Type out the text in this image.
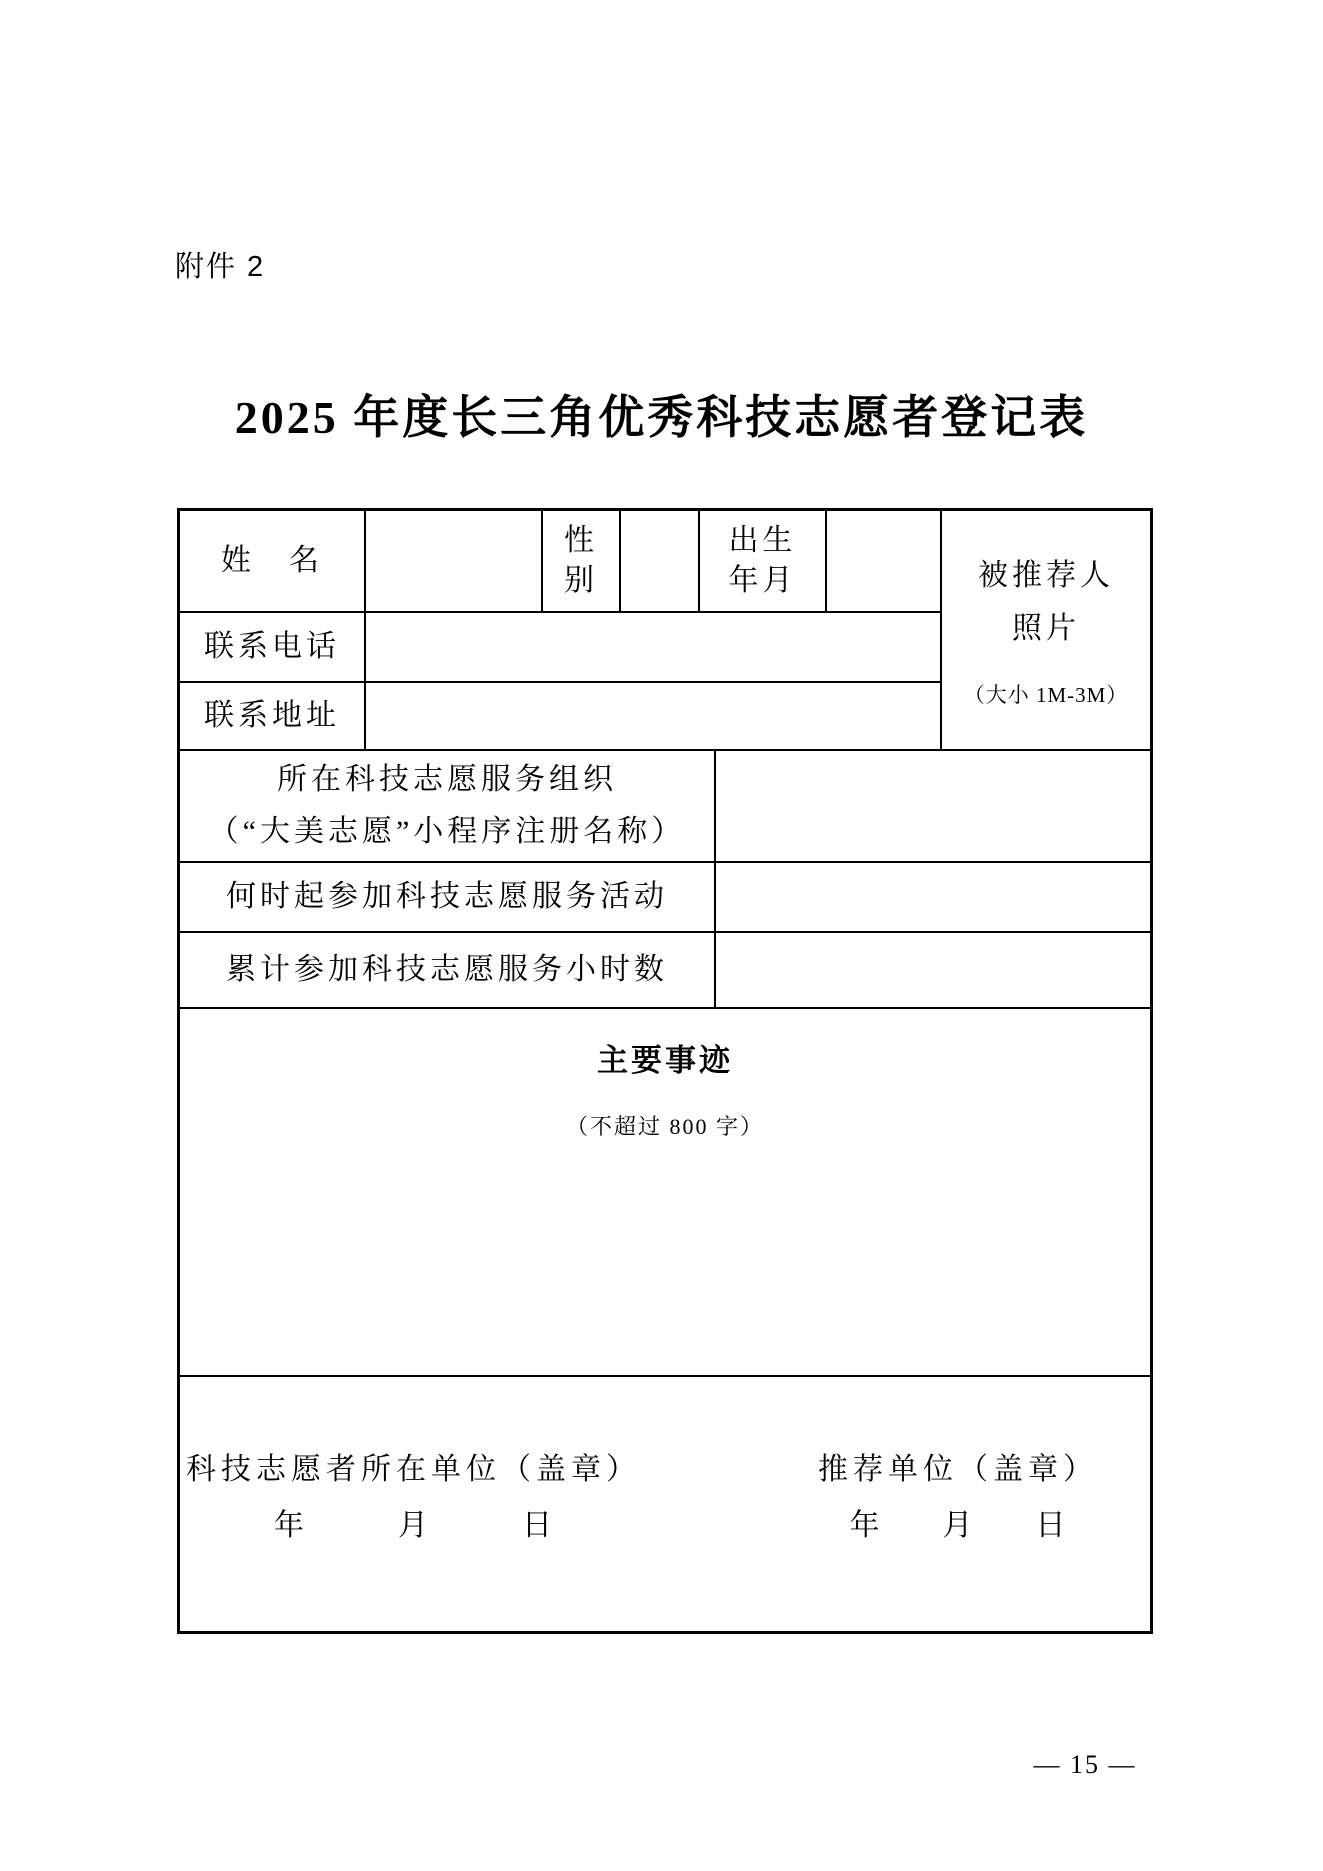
附件 2
2025 年度长三角优秀科技志愿者登记表
姓　名
性
别
出生
年月	被推荐人
照片
（大小 1M-3M）
联系电话
联系地址
所在科技志愿服务组织
（“大美志愿”小程序注册名称）
何时起参加科技志愿服务活动
累计参加科技志愿服务小时数
主要事迹
（不超过 800 字）
科技志愿者所在单位（盖章）
年　　　月　　　日
推荐单位（盖章）
年　　月　　日
— 15 —
